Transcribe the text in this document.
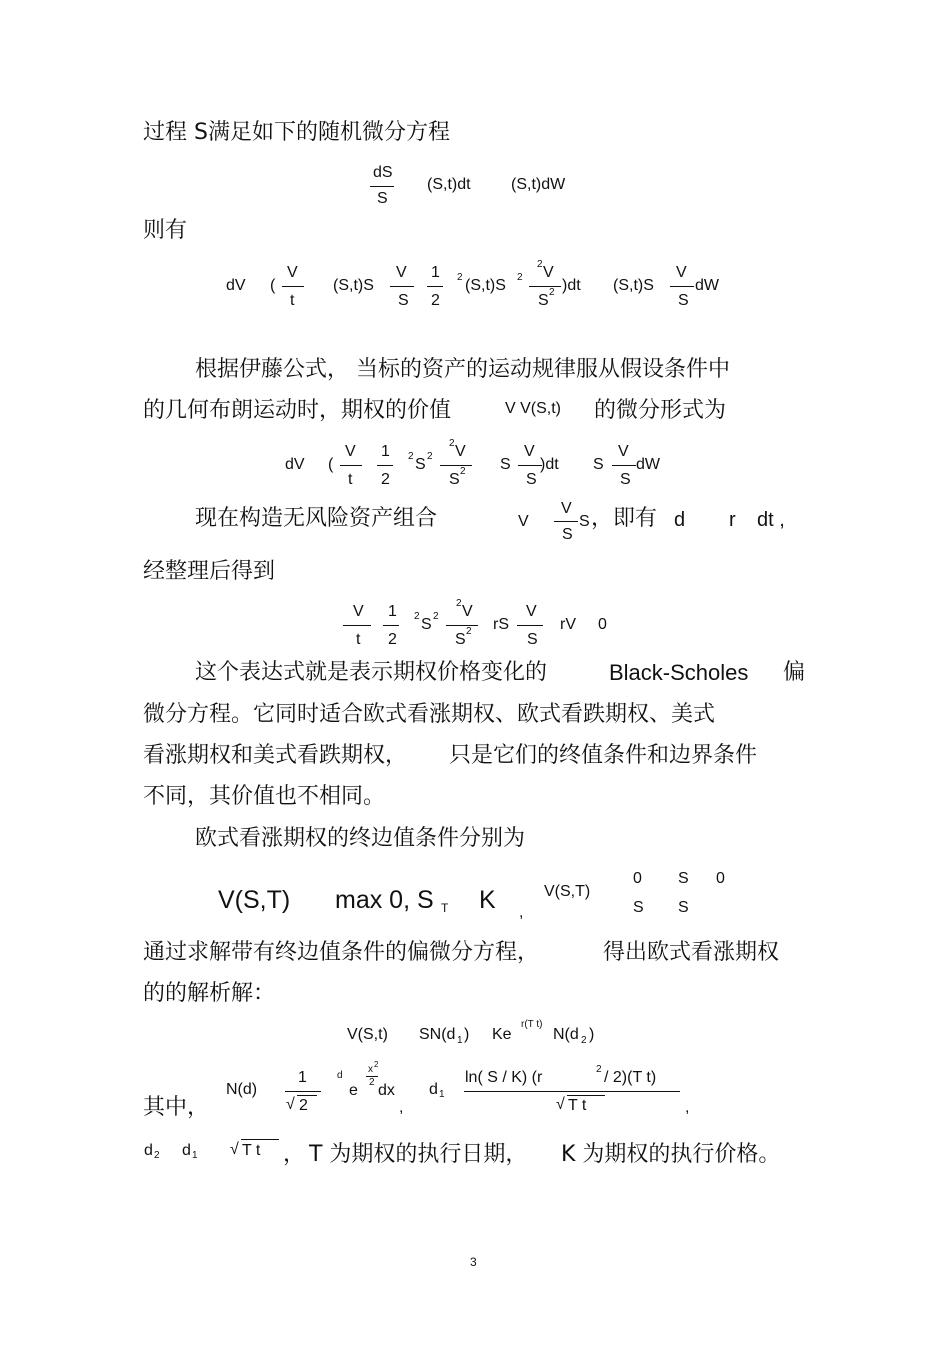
过程 S满足如下的随机微分方程
dS
S
(S,t)dt	(S,t)dW
则有
dV (
V
t
(S,t)S
V
S
1
2
2 (S,t)S 2
2 V
S 2 )dt (S,t)S
V
S
dW
根据伊藤公式， 当标的资产的运动规律服从假设条件中
的几何布朗运动时，期权的价值	V V(S,t) 的微分形式为
dV (
V
t
1
2
2 S 2
2 V
S 2 S
V
S
)dt S
V
S
dW
现在构造无风险资产组合	V
V
S
S ，即有 d r dt ,
经整理后得到
V
t
1
2
2 S 2
2 V
S 2 rS
V
S
rV 0
这个表达式就是表示期权价格变化的	Black-Scholes 偏
微分方程。它同时适合欧式看涨期权、欧式看跌期权、美式
看涨期权和美式看跌期权， 只是它们的终值条件和边界条件
不同，其价值也不相同。
欧式看涨期权的终边值条件分别为
V(S,T) max 0, S T K ,
V(S,T)
0 S 0
S S
通过求解带有终边值条件的偏微分方程，	得出欧式看涨期权
的的解析解：
V(S,t) SN(d 1 ) Ke
r(T t)
N(d 2 )
其中，
N(d)
1
√ 2
d
e
x 2
2 dx
,
d 1
ln( S / K) (r	2 / 2)(T t)
√ T t	,
d 2 d 1 √ T t ， T 为期权的执行日期， K 为期权的执行价格。
3
